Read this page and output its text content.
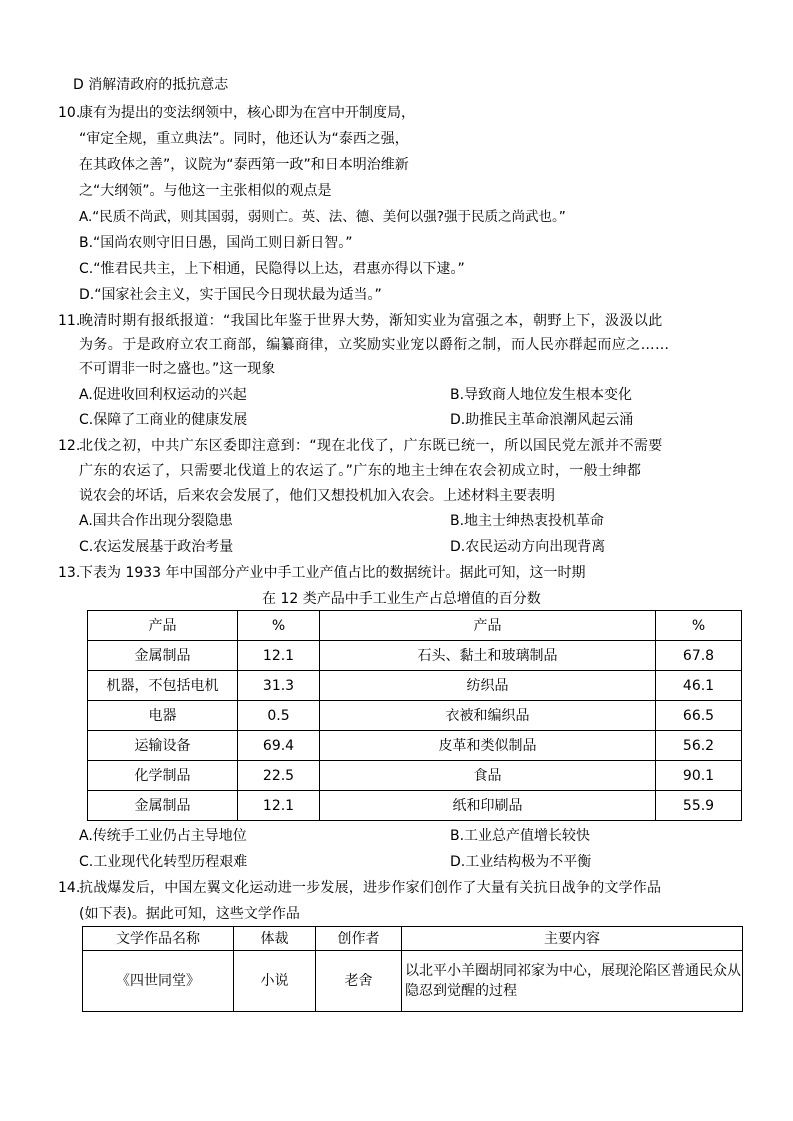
D 消解清政府的抵抗意志
10.
康有为提出的变法纲领中，核心即为在宫中开制度局，
“审定全规，重立典法”。同时，他还认为“泰西之强，
在其政体之善”，议院为“泰西第一政”和日本明治维新
之“大纲领”。与他这一主张相似的观点是
A.“民质不尚武，则其国弱，弱则亡。英、法、德、美何以强?强于民质之尚武也。”
B.“国尚农则守旧日愚，国尚工则日新日智。”
C.“惟君民共主，上下相通，民隐得以上达，君惠亦得以下逮。”
D.“国家社会主义，实于国民今日现状最为适当。”
11.
晚清时期有报纸报道：“我国比年鉴于世界大势，渐知实业为富强之本，朝野上下，汲汲以此
为务。于是政府立农工商部，编纂商律，立奖励实业宠以爵衔之制，而人民亦群起而应之……
不可谓非一时之盛也。”这一现象
A.促进收回利权运动的兴起	B.导致商人地位发生根本变化
C.保障了工商业的健康发展	D.助推民主革命浪潮风起云涌
12.
北伐之初，中共广东区委即注意到：“现在北伐了，广东既已统一，所以国民党左派并不需要
广东的农运了，只需要北伐道上的农运了。”广东的地主士绅在农会初成立时，一般士绅都
说农会的坏话，后来农会发展了，他们又想投机加入农会。上述材料主要表明
A.国共合作出现分裂隐患	B.地主士绅热衷投机革命
C.农运发展基于政治考量	D.农民运动方向出现背离
13.
下表为 1933 年中国部分产业中手工业产值占比的数据统计。据此可知，这一时期
在 12 类产品中手工业生产占总增值的百分数
产品	%	产品	%
金属制品	12.1	石头、黏土和玻璃制品	67.8
机器，不包括电机	31.3	纺织品	46.1
电器	0.5	衣被和编织品	66.5
运输设备	69.4	皮革和类似制品	56.2
化学制品	22.5	食品	90.1
金属制品	12.1	纸和印刷品	55.9
A.传统手工业仍占主导地位	B.工业总产值增长较快
C.工业现代化转型历程艰难	D.工业结构极为不平衡
14.
抗战爆发后，中国左翼文化运动进一步发展，进步作家们创作了大量有关抗日战争的文学作品
(如下表)。据此可知，这些文学作品
文学作品名称	体裁	创作者	主要内容
《四世同堂》	小说	老舍	以北平小羊圈胡同祁家为中心，展现沦陷区普通民众从隐忍到觉醒的过程
